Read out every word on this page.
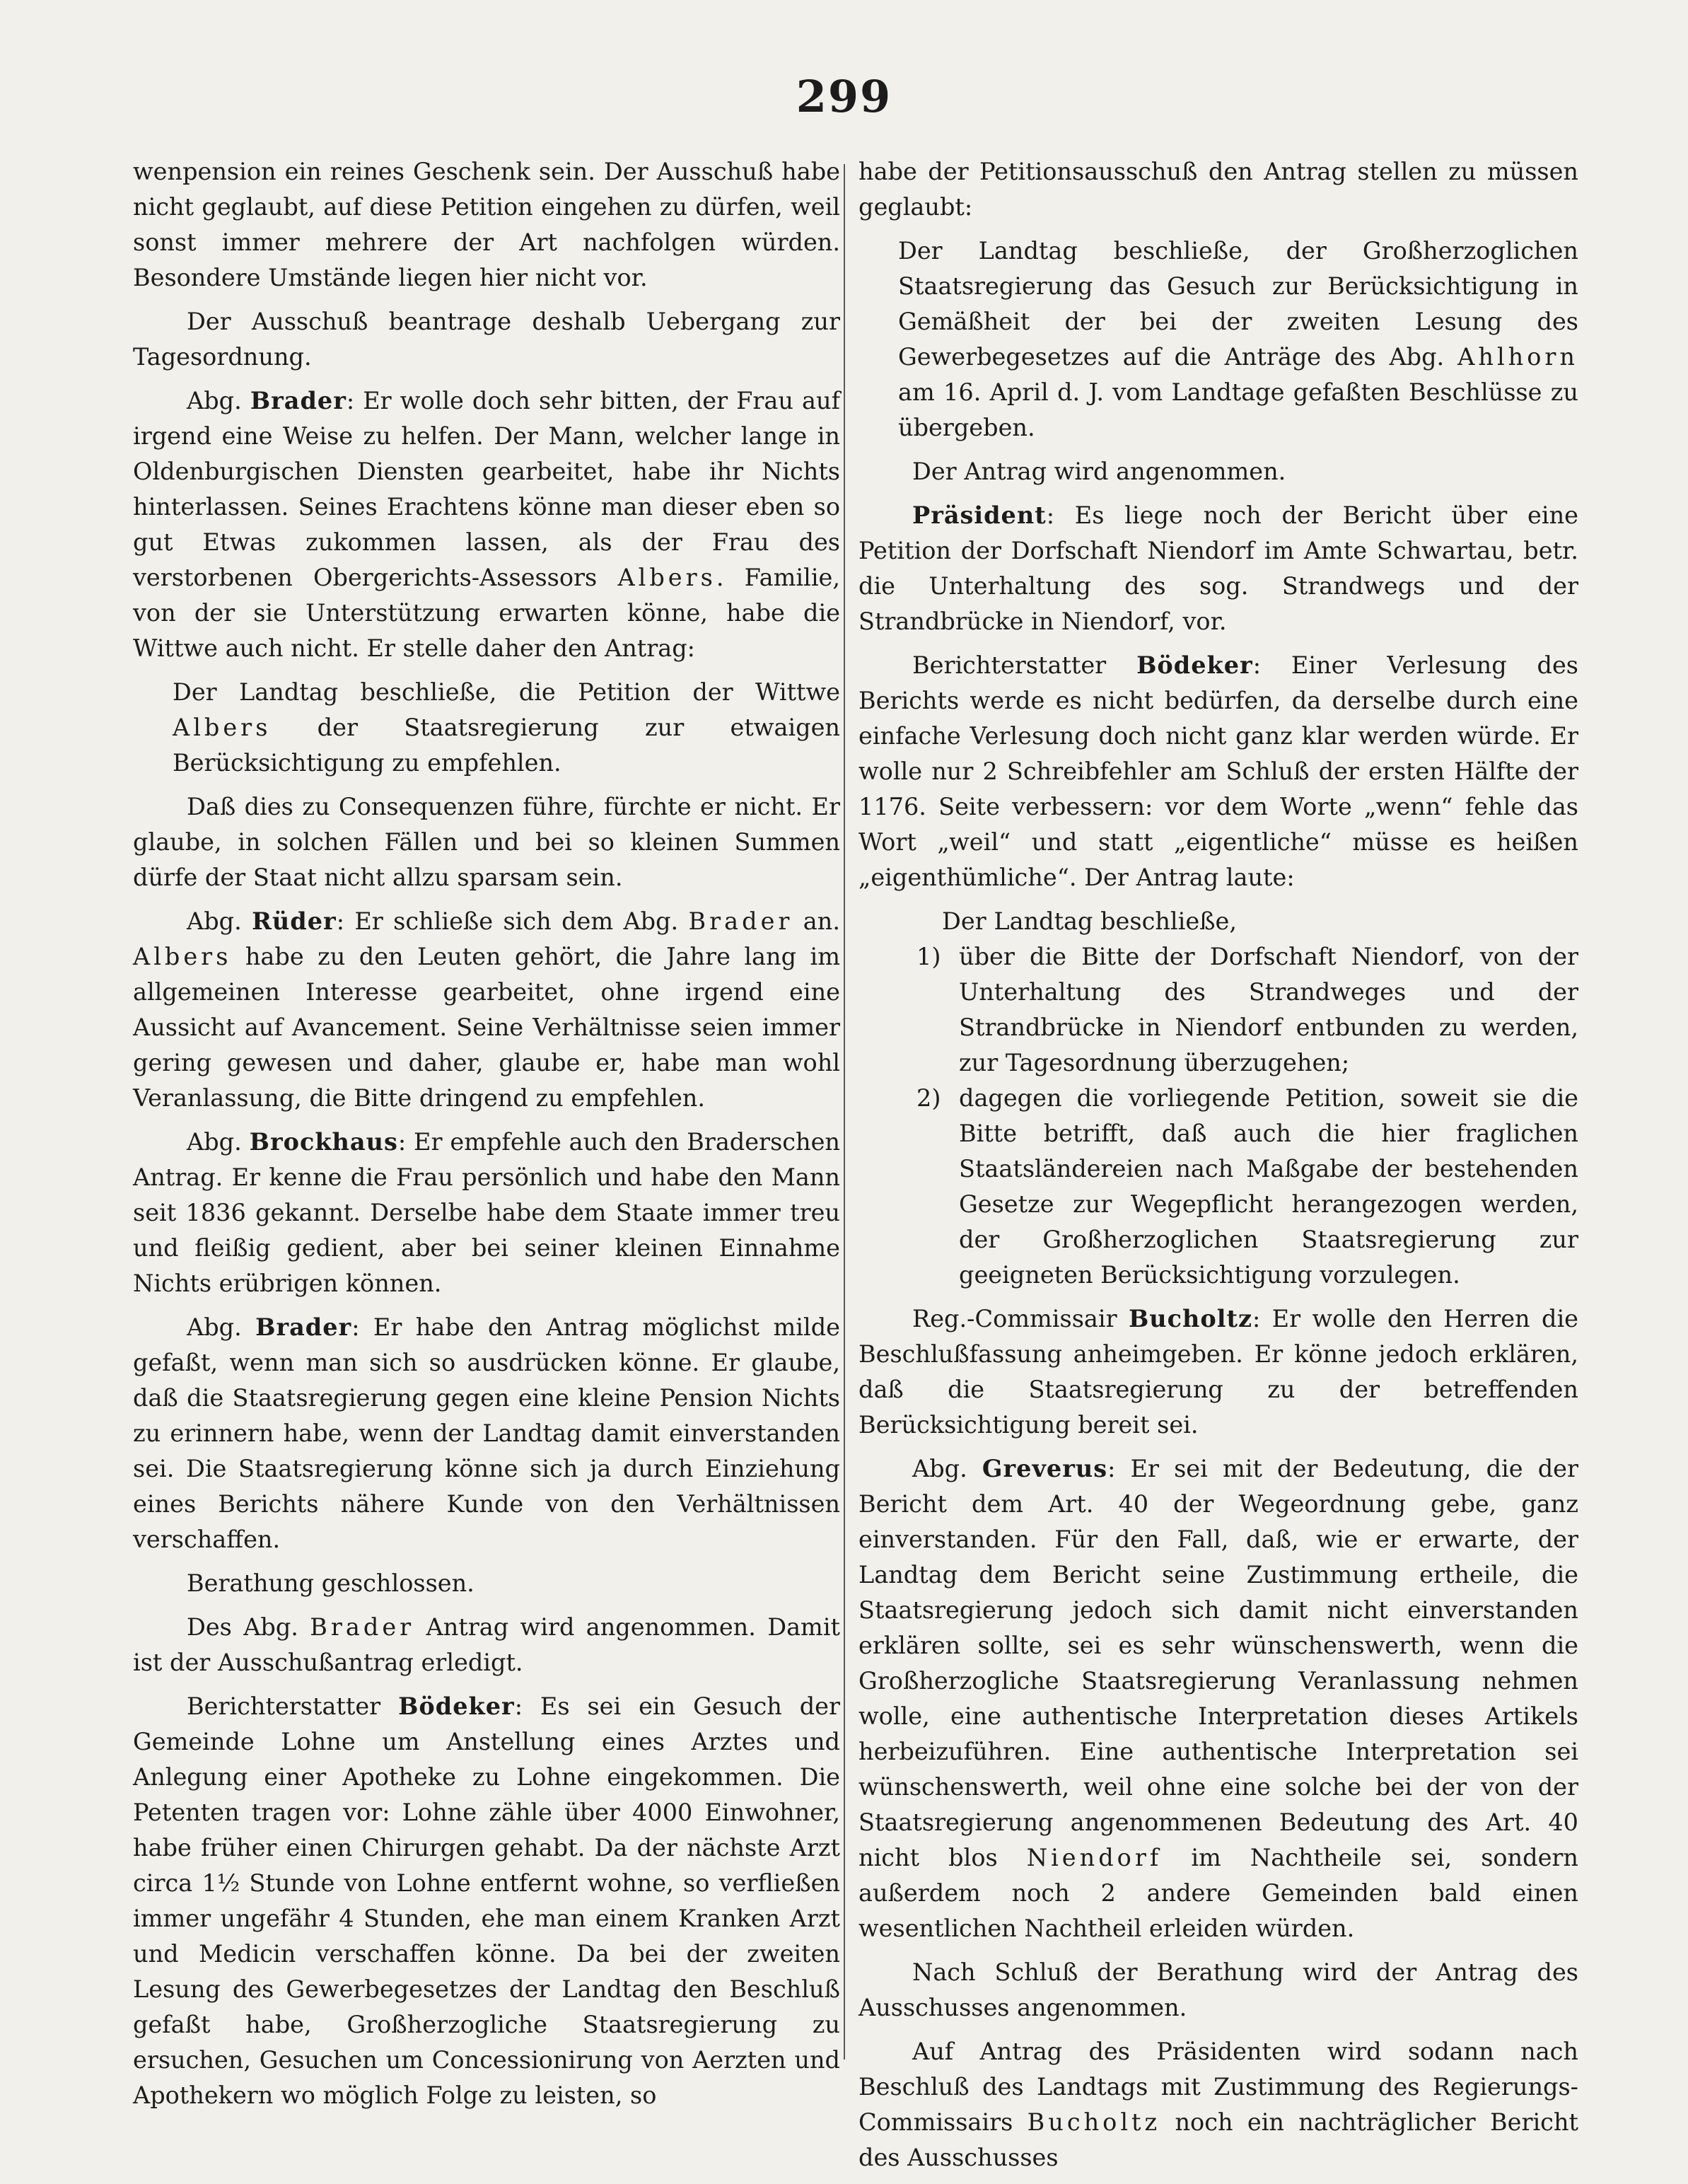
299

wenpension ein reines Geschenk sein. Der Ausschuß habe nicht geglaubt, auf diese Petition eingehen zu dürfen, weil sonst immer mehrere der Art nachfolgen würden. Besondere Umstände liegen hier nicht vor.

Der Ausschuß beantrage deshalb Uebergang zur Tagesordnung.

Abg. Brader: Er wolle doch sehr bitten, der Frau auf irgend eine Weise zu helfen. Der Mann, welcher lange in Oldenburgischen Diensten gearbeitet, habe ihr Nichts hinterlassen. Seines Erachtens könne man dieser eben so gut Etwas zukommen lassen, als der Frau des verstorbenen Obergerichts-Assessors Albers. Familie, von der sie Unterstützung erwarten könne, habe die Wittwe auch nicht. Er stelle daher den Antrag:

Der Landtag beschließe, die Petition der Wittwe Albers der Staatsregierung zur etwaigen Berücksichtigung zu empfehlen.

Daß dies zu Consequenzen führe, fürchte er nicht. Er glaube, in solchen Fällen und bei so kleinen Summen dürfe der Staat nicht allzu sparsam sein.

Abg. Rüder: Er schließe sich dem Abg. Brader an. Albers habe zu den Leuten gehört, die Jahre lang im allgemeinen Interesse gearbeitet, ohne irgend eine Aussicht auf Avancement. Seine Verhältnisse seien immer gering gewesen und daher, glaube er, habe man wohl Veranlassung, die Bitte dringend zu empfehlen.

Abg. Brockhaus: Er empfehle auch den Braderschen Antrag. Er kenne die Frau persönlich und habe den Mann seit 1836 gekannt. Derselbe habe dem Staate immer treu und fleißig gedient, aber bei seiner kleinen Einnahme Nichts erübrigen können.

Abg. Brader: Er habe den Antrag möglichst milde gefaßt, wenn man sich so ausdrücken könne. Er glaube, daß die Staatsregierung gegen eine kleine Pension Nichts zu erinnern habe, wenn der Landtag damit einverstanden sei. Die Staatsregierung könne sich ja durch Einziehung eines Berichts nähere Kunde von den Verhältnissen verschaffen.

Berathung geschlossen.

Des Abg. Brader Antrag wird angenommen. Damit ist der Ausschußantrag erledigt.

Berichterstatter Bödeker: Es sei ein Gesuch der Gemeinde Lohne um Anstellung eines Arztes und Anlegung einer Apotheke zu Lohne eingekommen. Die Petenten tragen vor: Lohne zähle über 4000 Einwohner, habe früher einen Chirurgen gehabt. Da der nächste Arzt circa 1½ Stunde von Lohne entfernt wohne, so verfließen immer ungefähr 4 Stunden, ehe man einem Kranken Arzt und Medicin verschaffen könne. Da bei der zweiten Lesung des Gewerbegesetzes der Landtag den Beschluß gefaßt habe, Großherzogliche Staatsregierung zu ersuchen, Gesuchen um Concessionirung von Aerzten und Apothekern wo möglich Folge zu leisten, so

habe der Petitionsausschuß den Antrag stellen zu müssen geglaubt:

Der Landtag beschließe, der Großherzoglichen Staatsregierung das Gesuch zur Berücksichtigung in Gemäßheit der bei der zweiten Lesung des Gewerbegesetzes auf die Anträge des Abg. Ahlhorn am 16. April d. J. vom Landtage gefaßten Beschlüsse zu übergeben.

Der Antrag wird angenommen.

Präsident: Es liege noch der Bericht über eine Petition der Dorfschaft Niendorf im Amte Schwartau, betr. die Unterhaltung des sog. Strandwegs und der Strandbrücke in Niendorf, vor.

Berichterstatter Bödeker: Einer Verlesung des Berichts werde es nicht bedürfen, da derselbe durch eine einfache Verlesung doch nicht ganz klar werden würde. Er wolle nur 2 Schreibfehler am Schluß der ersten Hälfte der 1176. Seite verbessern: vor dem Worte „wenn“ fehle das Wort „weil“ und statt „eigentliche“ müsse es heißen „eigenthümliche“. Der Antrag laute:

Der Landtag beschließe,
1) über die Bitte der Dorfschaft Niendorf, von der Unterhaltung des Strandweges und der Strandbrücke in Niendorf entbunden zu werden, zur Tagesordnung überzugehen;
2) dagegen die vorliegende Petition, soweit sie die Bitte betrifft, daß auch die hier fraglichen Staatsländereien nach Maßgabe der bestehenden Gesetze zur Wegepflicht herangezogen werden, der Großherzoglichen Staatsregierung zur geeigneten Berücksichtigung vorzulegen.

Reg.-Commissair Bucholtz: Er wolle den Herren die Beschlußfassung anheimgeben. Er könne jedoch erklären, daß die Staatsregierung zu der betreffenden Berücksichtigung bereit sei.

Abg. Greverus: Er sei mit der Bedeutung, die der Bericht dem Art. 40 der Wegeordnung gebe, ganz einverstanden. Für den Fall, daß, wie er erwarte, der Landtag dem Bericht seine Zustimmung ertheile, die Staatsregierung jedoch sich damit nicht einverstanden erklären sollte, sei es sehr wünschenswerth, wenn die Großherzogliche Staatsregierung Veranlassung nehmen wolle, eine authentische Interpretation dieses Artikels herbeizuführen. Eine authentische Interpretation sei wünschenswerth, weil ohne eine solche bei der von der Staatsregierung angenommenen Bedeutung des Art. 40 nicht blos Niendorf im Nachtheile sei, sondern außerdem noch 2 andere Gemeinden bald einen wesentlichen Nachtheil erleiden würden.

Nach Schluß der Berathung wird der Antrag des Ausschusses angenommen.

Auf Antrag des Präsidenten wird sodann nach Beschluß des Landtags mit Zustimmung des Regierungs-Commissairs Bucholtz noch ein nachträglicher Bericht des Ausschusses
